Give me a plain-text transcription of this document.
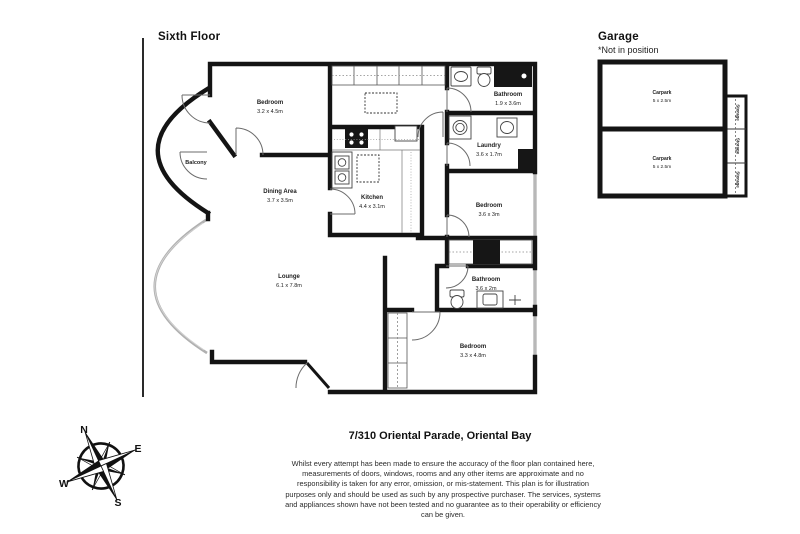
Sixth Floor	Garage
*Not in position
Bedroom
3.2 x 4.5m
Balcony
Dining Area
3.7 x 3.5m	Kitchen
4.4 x 3.1m
Lounge
6.1 x 7.8m
Bathroom
1.9 x 3.6m
Laundry
3.6 x 1.7m
Bedroom
3.6 x 3m
Bathroom
3.6 x 2m
Bedroom
3.3 x 4.8m
Carpark
5 x 2.5m
Carpark
5 x 2.5m
Storage
Storage
Storage
N
E
S
W
7/310 Oriental Parade, Oriental Bay
Whilst every attempt has been made to ensure the accuracy of the floor plan contained here, measurements of doors, windows, rooms and any other items are approximate and no responsibility is taken for any error, omission, or mis-statement. This plan is for illustration purposes only and should be used as such by any prospective purchaser. The services, systems and appliances shown have not been tested and no guarantee as to their operability or efficiency can be given.
